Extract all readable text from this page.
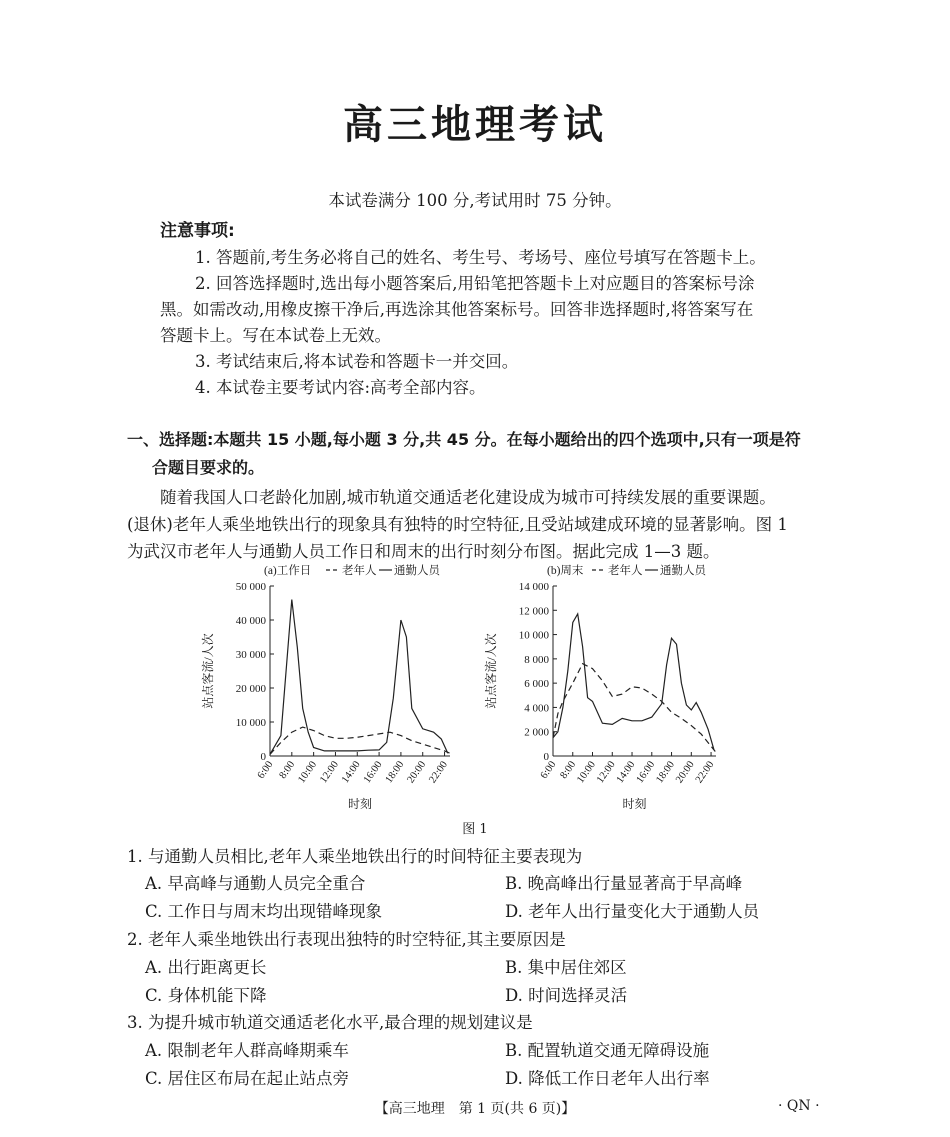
高三地理考试
本试卷满分 100 分,考试用时 75 分钟。
注意事项:
1. 答题前,考生务必将自己的姓名、考生号、考场号、座位号填写在答题卡上。
2. 回答选择题时,选出每小题答案后,用铅笔把答题卡上对应题目的答案标号涂
黑。如需改动,用橡皮擦干净后,再选涂其他答案标号。回答非选择题时,将答案写在
答题卡上。写在本试卷上无效。
3. 考试结束后,将本试卷和答题卡一并交回。
4. 本试卷主要考试内容:高考全部内容。
一、选择题:本题共 15 小题,每小题 3 分,共 45 分。在每小题给出的四个选项中,只有一项是符
合题目要求的。
随着我国人口老龄化加剧,城市轨道交通适老化建设成为城市可持续发展的重要课题。
(退休)老年人乘坐地铁出行的现象具有独特的时空特征,且受站域建成环境的显著影响。图 1
为武汉市老年人与通勤人员工作日和周末的出行时刻分布图。据此完成 1—3 题。
0
10 000
20 000
30 000
40 000
50 000
6:00 8:00 10:00 12:00 14:00 16:00 18:00 20:00 22:00
(a)工作日	老年人 通勤人员
站点客流/人次
时刻
0
2 000
4 000
6 000
8 000
10 000
12 000
14 000
6:00 8:00
10:00
12:00
14:00
16:00
18:00
20:00
22:00
(b)周末 老年人 通勤人员
站点客流/人次
时刻
图 1
1. 与通勤人员相比,老年人乘坐地铁出行的时间特征主要表现为
A. 早高峰与通勤人员完全重合	B. 晚高峰出行量显著高于早高峰
C. 工作日与周末均出现错峰现象	D. 老年人出行量变化大于通勤人员
2. 老年人乘坐地铁出行表现出独特的时空特征,其主要原因是
A. 出行距离更长	B. 集中居住郊区
C. 身体机能下降	D. 时间选择灵活
3. 为提升城市轨道交通适老化水平,最合理的规划建议是
A. 限制老年人群高峰期乘车	B. 配置轨道交通无障碍设施
C. 居住区布局在起止站点旁	D. 降低工作日老年人出行率
【高三地理　第 1 页(共 6 页)】	· QN ·
